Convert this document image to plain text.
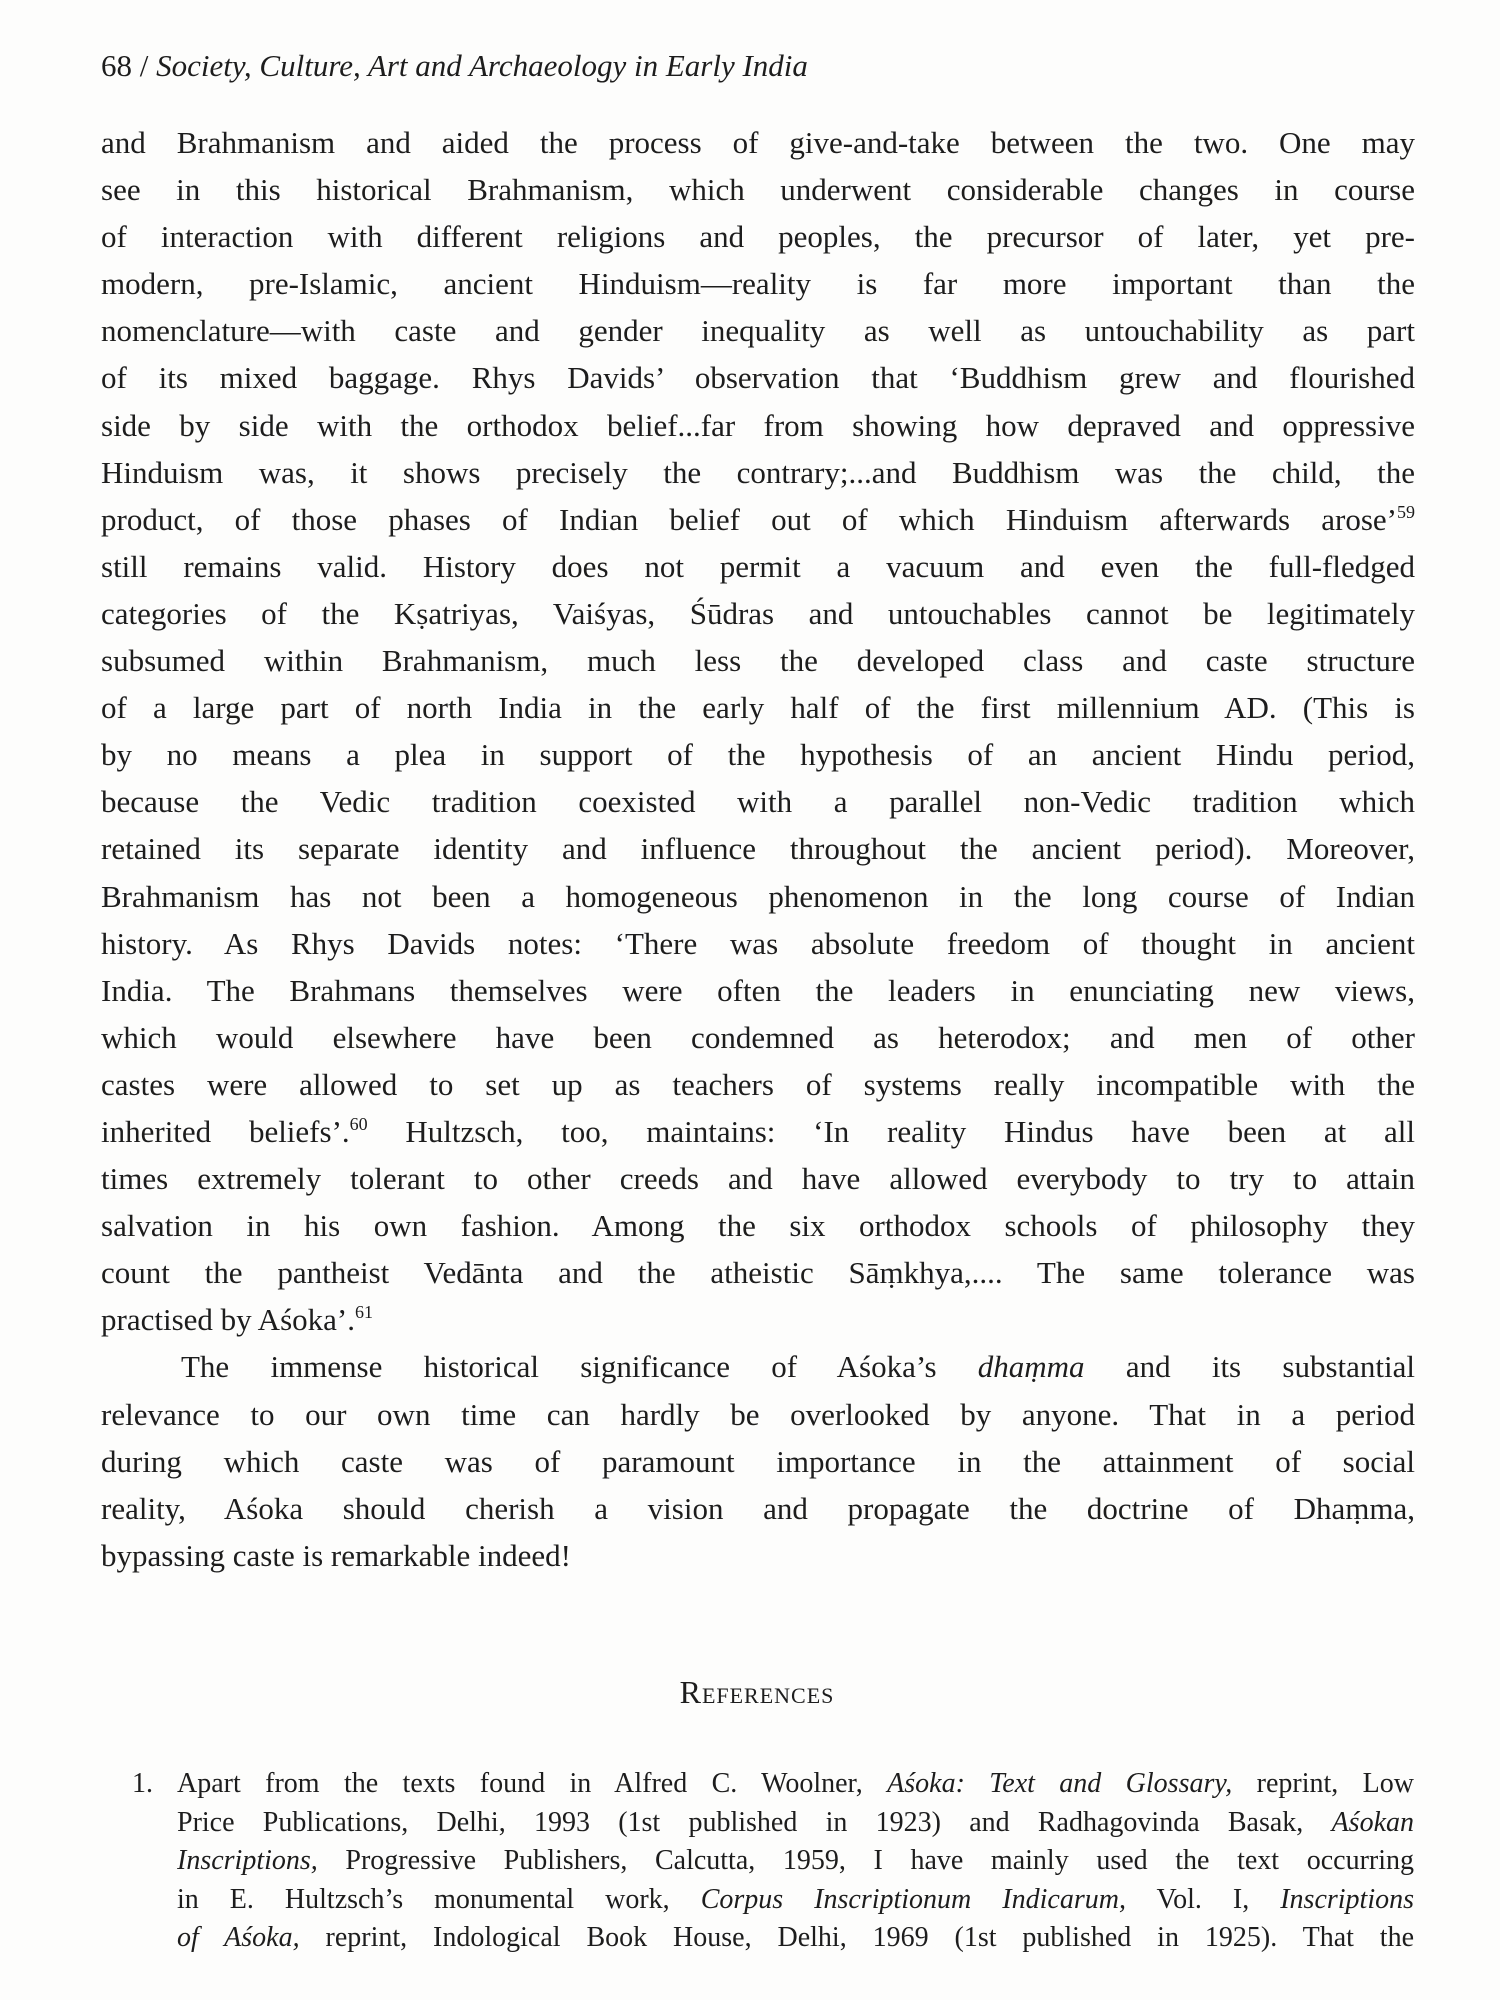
68 / Society, Culture, Art and Archaeology in Early India
and Brahmanism and aided the process of give-and-take between the two. One may
see in this historical Brahmanism, which underwent considerable changes in course
of interaction with different religions and peoples, the precursor of later, yet pre-
modern, pre-Islamic, ancient Hinduism—reality is far more important than the
nomenclature—with caste and gender inequality as well as untouchability as part
of its mixed baggage. Rhys Davids’ observation that ‘Buddhism grew and flourished
side by side with the orthodox belief...far from showing how depraved and oppressive
Hinduism was, it shows precisely the contrary;...and Buddhism was the child, the
product, of those phases of Indian belief out of which Hinduism afterwards arose’$^{59}$
still remains valid. History does not permit a vacuum and even the full-fledged
categories of the Kṣatriyas, Vaiśyas, Śūdras and untouchables cannot be legitimately
subsumed within Brahmanism, much less the developed class and caste structure
of a large part of north India in the early half of the first millennium AD. (This is
by no means a plea in support of the hypothesis of an ancient Hindu period,
because the Vedic tradition coexisted with a parallel non-Vedic tradition which
retained its separate identity and influence throughout the ancient period). Moreover,
Brahmanism has not been a homogeneous phenomenon in the long course of Indian
history. As Rhys Davids notes: ‘There was absolute freedom of thought in ancient
India. The Brahmans themselves were often the leaders in enunciating new views,
which would elsewhere have been condemned as heterodox; and men of other
castes were allowed to set up as teachers of systems really incompatible with the
inherited beliefs’.$^{60}$ Hultzsch, too, maintains: ‘In reality Hindus have been at all
times extremely tolerant to other creeds and have allowed everybody to try to attain
salvation in his own fashion. Among the six orthodox schools of philosophy they
count the pantheist Vedānta and the atheistic Sāṃkhya,.... The same tolerance was
practised by Aśoka’.$^{61}$
The immense historical significance of Aśoka’s dhaṃma and its substantial
relevance to our own time can hardly be overlooked by anyone. That in a period
during which caste was of paramount importance in the attainment of social
reality, Aśoka should cherish a vision and propagate the doctrine of Dhaṃma,
bypassing caste is remarkable indeed!
References
1. Apart from the texts found in Alfred C. Woolner, Aśoka: Text and Glossary, reprint, Low
Price Publications, Delhi, 1993 (1st published in 1923) and Radhagovinda Basak, Aśokan
Inscriptions, Progressive Publishers, Calcutta, 1959, I have mainly used the text occurring
in E. Hultzsch’s monumental work, Corpus Inscriptionum Indicarum, Vol. I, Inscriptions
of Aśoka, reprint, Indological Book House, Delhi, 1969 (1st published in 1925). That the
